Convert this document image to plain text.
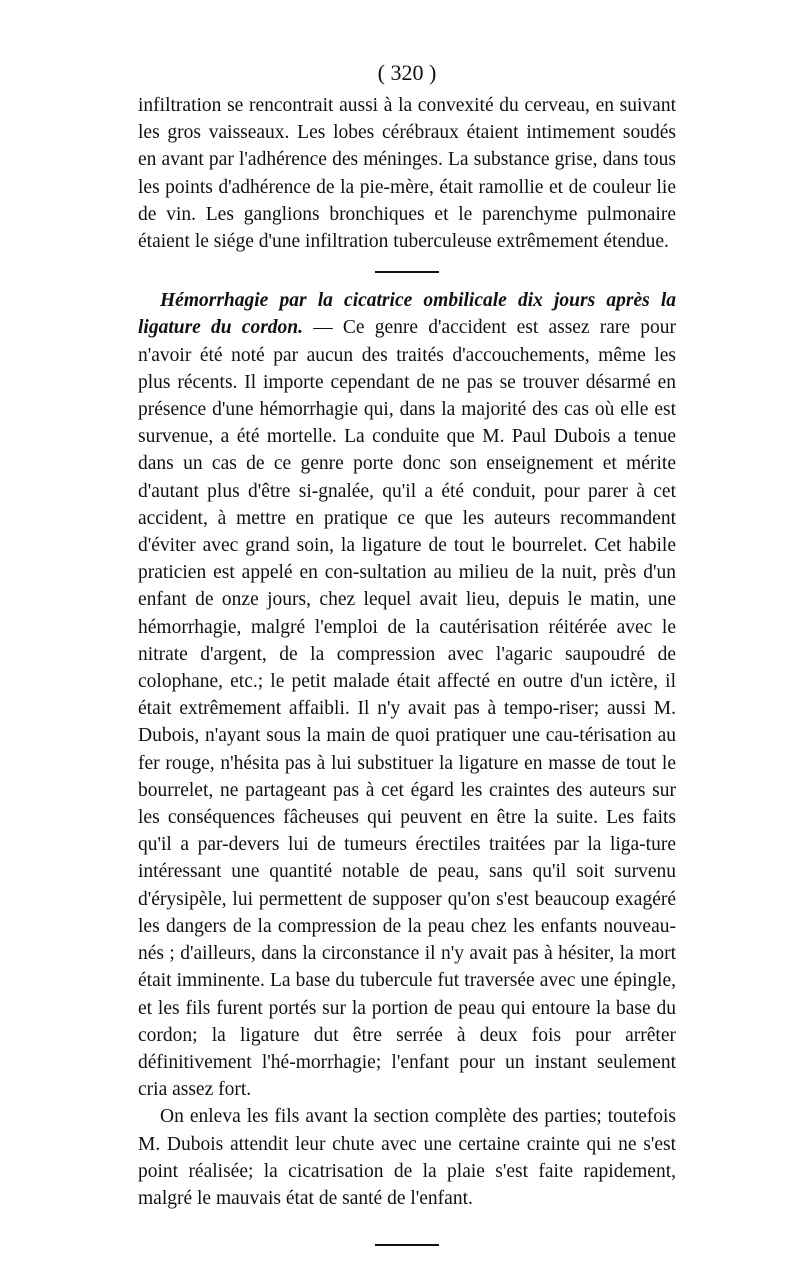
( 320 )

infiltration se rencontrait aussi à la convexité du cerveau, en suivant les gros vaisseaux. Les lobes cérébraux étaient intimement soudés en avant par l'adhérence des méninges. La substance grise, dans tous les points d'adhérence de la pie-mère, était ramollie et de couleur lie de vin. Les ganglions bronchiques et le parenchyme pulmonaire étaient le siége d'une infiltration tuberculeuse extrêmement étendue.

Hémorrhagie par la cicatrice ombilicale dix jours après la ligature du cordon. — Ce genre d'accident est assez rare pour n'avoir été noté par aucun des traités d'accouchements, même les plus récents. Il importe cependant de ne pas se trouver désarmé en présence d'une hémorrhagie qui, dans la majorité des cas où elle est survenue, a été mortelle. La conduite que M. Paul Dubois a tenue dans un cas de ce genre porte donc son enseignement et mérite d'autant plus d'être si-gnalée, qu'il a été conduit, pour parer à cet accident, à mettre en pratique ce que les auteurs recommandent d'éviter avec grand soin, la ligature de tout le bourrelet. Cet habile praticien est appelé en con-sultation au milieu de la nuit, près d'un enfant de onze jours, chez lequel avait lieu, depuis le matin, une hémorrhagie, malgré l'emploi de la cautérisation réitérée avec le nitrate d'argent, de la compression avec l'agaric saupoudré de colophane, etc.; le petit malade était affecté en outre d'un ictère, il était extrêmement affaibli. Il n'y avait pas à tempo-riser; aussi M. Dubois, n'ayant sous la main de quoi pratiquer une cau-térisation au fer rouge, n'hésita pas à lui substituer la ligature en masse de tout le bourrelet, ne partageant pas à cet égard les craintes des auteurs sur les conséquences fâcheuses qui peuvent en être la suite. Les faits qu'il a par-devers lui de tumeurs érectiles traitées par la liga-ture intéressant une quantité notable de peau, sans qu'il soit survenu d'érysipèle, lui permettent de supposer qu'on s'est beaucoup exagéré les dangers de la compression de la peau chez les enfants nouveau-nés ; d'ailleurs, dans la circonstance il n'y avait pas à hésiter, la mort était imminente. La base du tubercule fut traversée avec une épingle, et les fils furent portés sur la portion de peau qui entoure la base du cordon; la ligature dut être serrée à deux fois pour arrêter définitivement l'hé-morrhagie; l'enfant pour un instant seulement cria assez fort.

On enleva les fils avant la section complète des parties; toutefois M. Dubois attendit leur chute avec une certaine crainte qui ne s'est point réalisée; la cicatrisation de la plaie s'est faite rapidement, malgré le mauvais état de santé de l'enfant.
